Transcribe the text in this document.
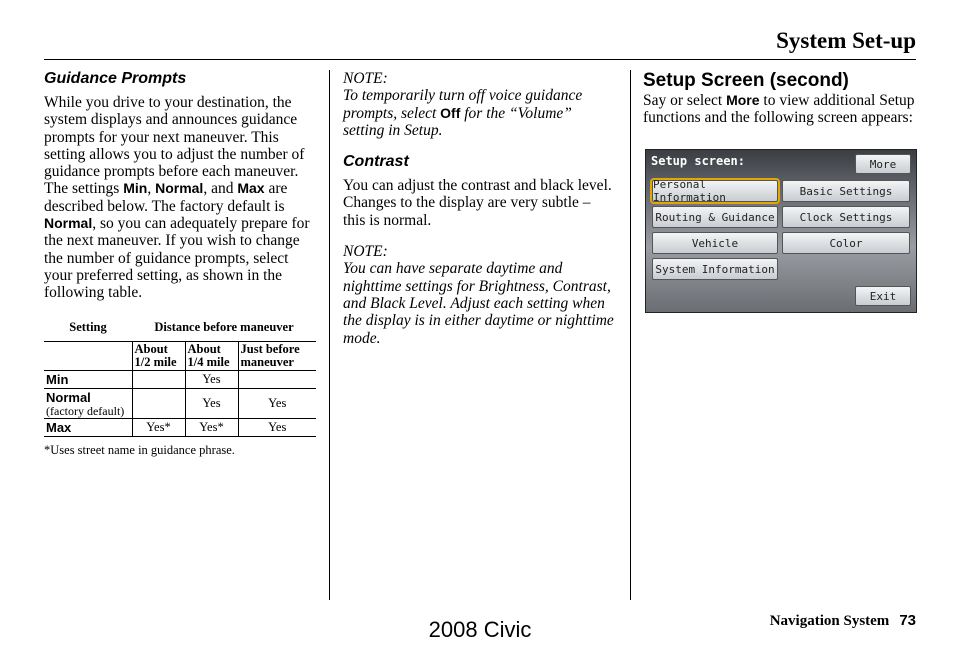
System Set-up
Guidance Prompts

While you drive to your destination, the system displays and announces guidance prompts for your next maneuver. This setting allows you to adjust the number of guidance prompts before each maneuver. The settings Min, Normal, and Max are described below. The factory default is Normal, so you can adequately prepare for the next maneuver. If you wish to change the number of guidance prompts, select your preferred setting, as shown in the following table.

Setting	Distance before maneuver		
	About 1/2 mile	About 1/4 mile	Just before maneuver
Min		Yes	
Normal
(factory default)		Yes	Yes
Max	Yes*	Yes*	Yes
*Uses street name in guidance phrase.
NOTE:

To temporarily turn off voice guidance prompts, select Off for the “Volume” setting in Setup.

Contrast

You can adjust the contrast and black level. Changes to the display are very subtle – this is normal.

NOTE:

You can have separate daytime and nighttime settings for Brightness, Contrast, and Black Level. Adjust each setting when the display is in either daytime or nighttime mode.

Setup Screen (second)

Say or select More to view additional Setup functions and the following screen appears:

Setup screen:	More
Personal Information	Basic Settings
Routing & Guidance	Clock Settings
Vehicle	Color
System Information
Exit
Navigation System 73
2008 Civic
